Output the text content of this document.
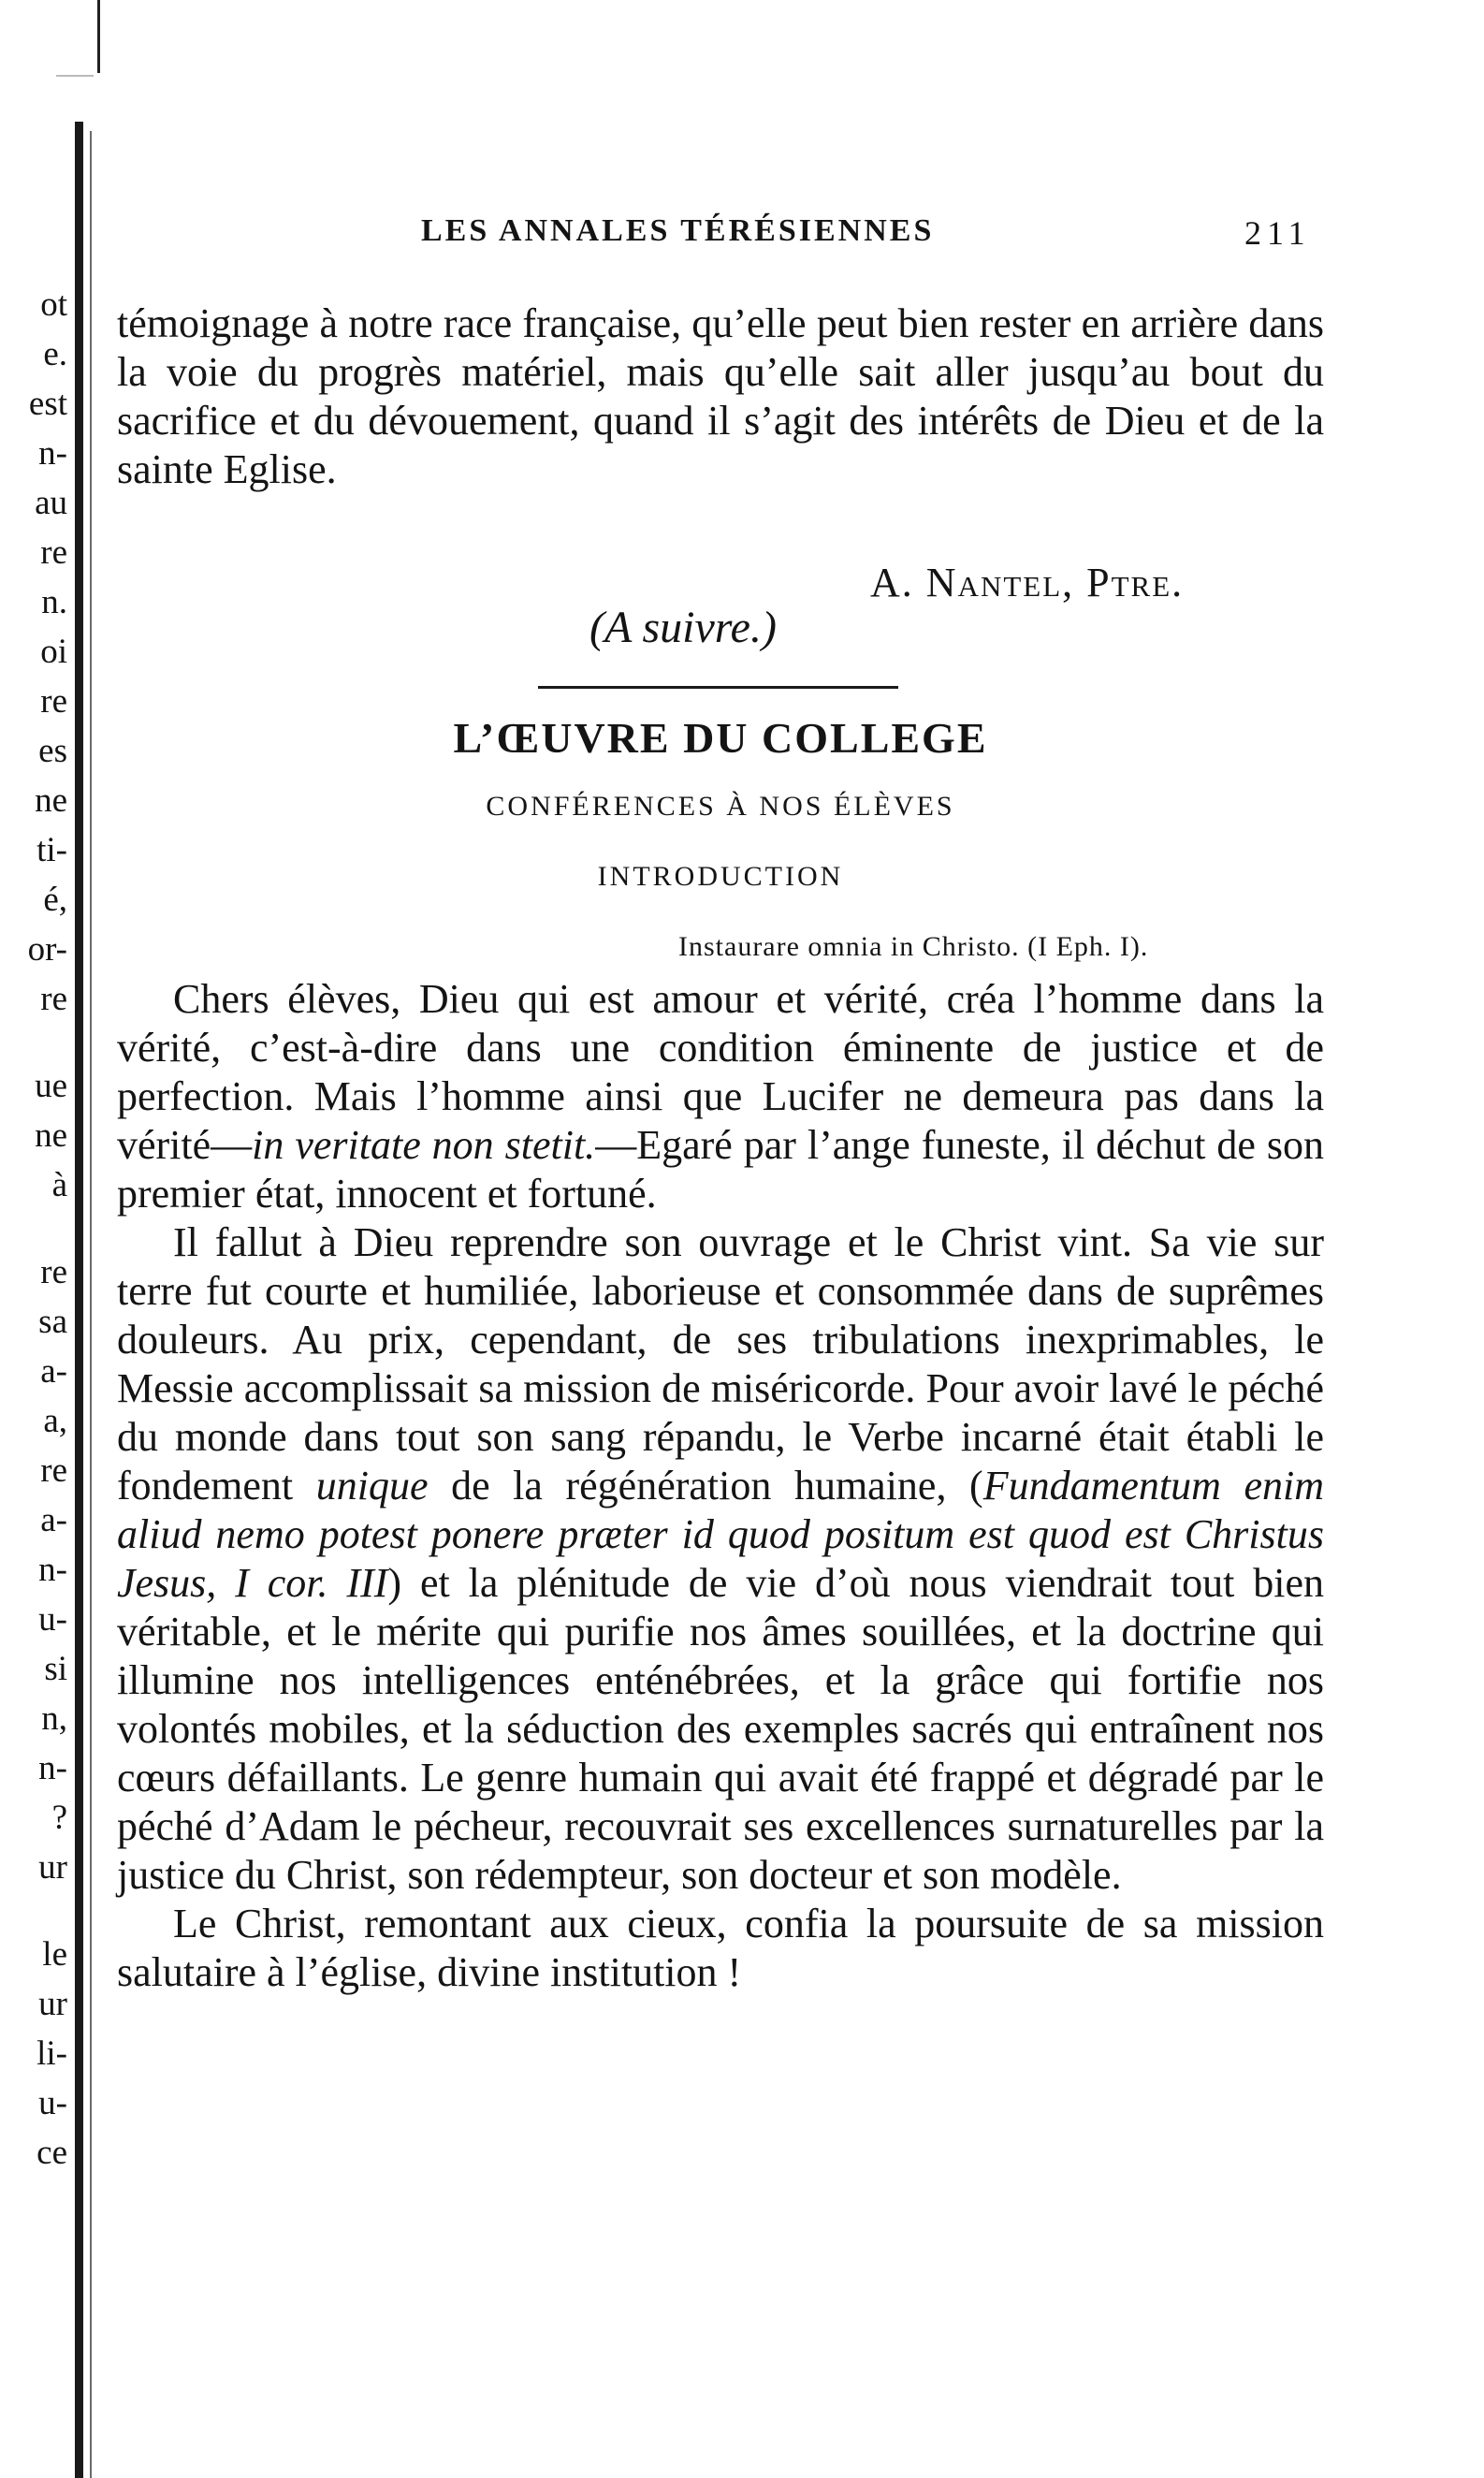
ot
e.
est
n-
au
re
n.
oi
re
es
ne
ti-
é,
or-
re
ue
ne
à
re
sa
a-
a,
re
a-
n-
u-
si
n,
n-
?
ur
le
ur
li-
u-
ce
LES ANNALES TÉRÉSIENNES	211

témoignage à notre race française, qu’elle peut bien rester en arrière dans la voie du progrès matériel, mais qu’elle sait aller jusqu’au bout du sacrifice et du dévouement, quand il s’agit des intérêts de Dieu et de la sainte Eglise.

A. Nantel, Ptre.
(A suivre.)
L’ŒUVRE DU COLLEGE
CONFÉRENCES À NOS ÉLÈVES
INTRODUCTION
Instaurare omnia in Christo. (I Eph. I).

Chers élèves, Dieu qui est amour et vérité, créa l’homme dans la vérité, c’est-à-dire dans une condition éminente de justice et de perfection. Mais l’homme ainsi que Lucifer ne demeura pas dans la vérité—in veritate non stetit.—Egaré par l’ange funeste, il déchut de son premier état, innocent et fortuné.

Il fallut à Dieu reprendre son ouvrage et le Christ vint. Sa vie sur terre fut courte et humiliée, laborieuse et consommée dans de suprêmes douleurs. Au prix, cependant, de ses tribulations inexprimables, le Messie accomplissait sa mission de miséricorde. Pour avoir lavé le péché du monde dans tout son sang répandu, le Verbe incarné était établi le fondement unique de la régénération humaine, (Fundamentum enim aliud nemo potest ponere præter id quod positum est quod est Christus Jesus, I cor. III) et la plénitude de vie d’où nous viendrait tout bien véritable, et le mérite qui purifie nos âmes souillées, et la doctrine qui illumine nos intelligences enténébrées, et la grâce qui fortifie nos volontés mobiles, et la séduction des exemples sacrés qui entraînent nos cœurs défaillants. Le genre humain qui avait été frappé et dégradé par le péché d’Adam le pécheur, recouvrait ses excellences surnaturelles par la justice du Christ, son rédempteur, son docteur et son modèle.

Le Christ, remontant aux cieux, confia la poursuite de sa mission salutaire à l’église, divine institution !
